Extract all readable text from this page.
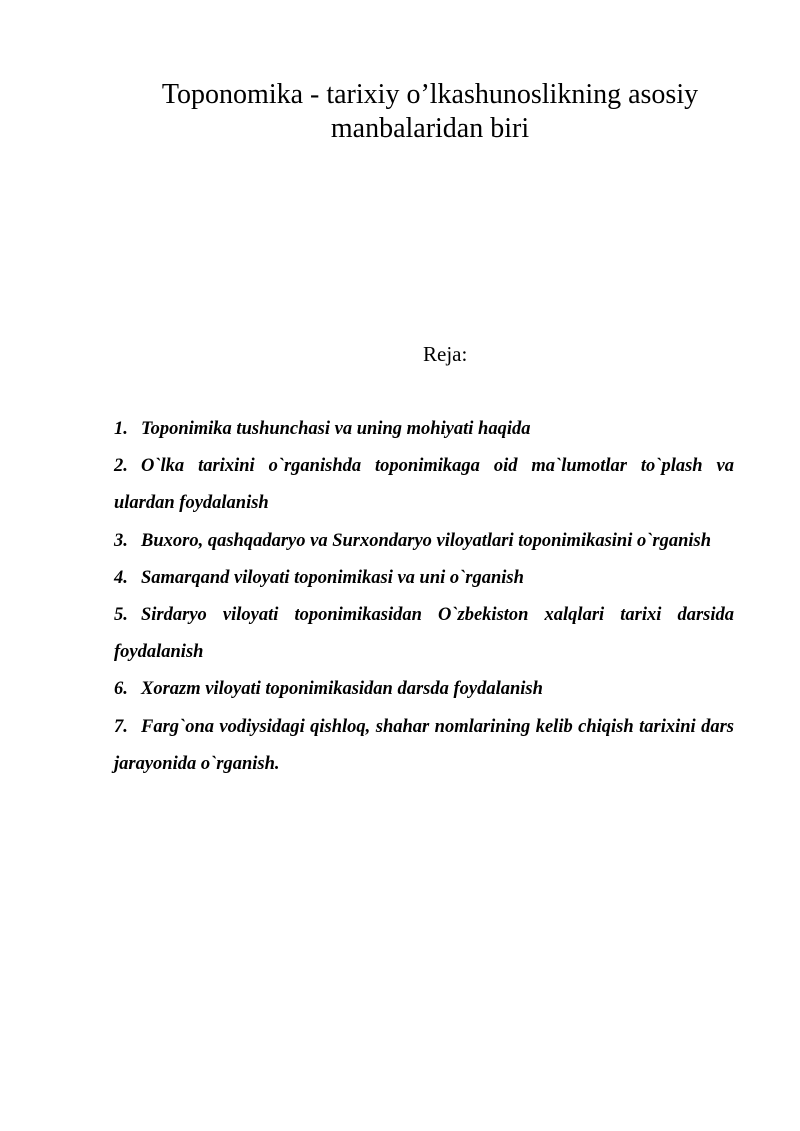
Toponomika - tarixiy o’lkashunoslikning asosiy manbalaridan biri

Reja:

1. Toponimika tushunchasi va uning mohiyati haqida
2. O`lka tarixini o`rganishda toponimikaga oid ma`lumotlar to`plash va ulardan foydalanish
3. Buxoro, qashqadaryo va Surxondaryo viloyatlari toponimikasini o`rganish
4. Samarqand viloyati toponimikasi va uni o`rganish
5. Sirdaryo viloyati toponimikasidan O`zbekiston xalqlari tarixi darsida foydalanish
6. Xorazm viloyati toponimikasidan darsda foydalanish
7. Farg`ona vodiysidagi qishloq, shahar nomlarining kelib chiqish tarixini dars jarayonida o`rganish.
